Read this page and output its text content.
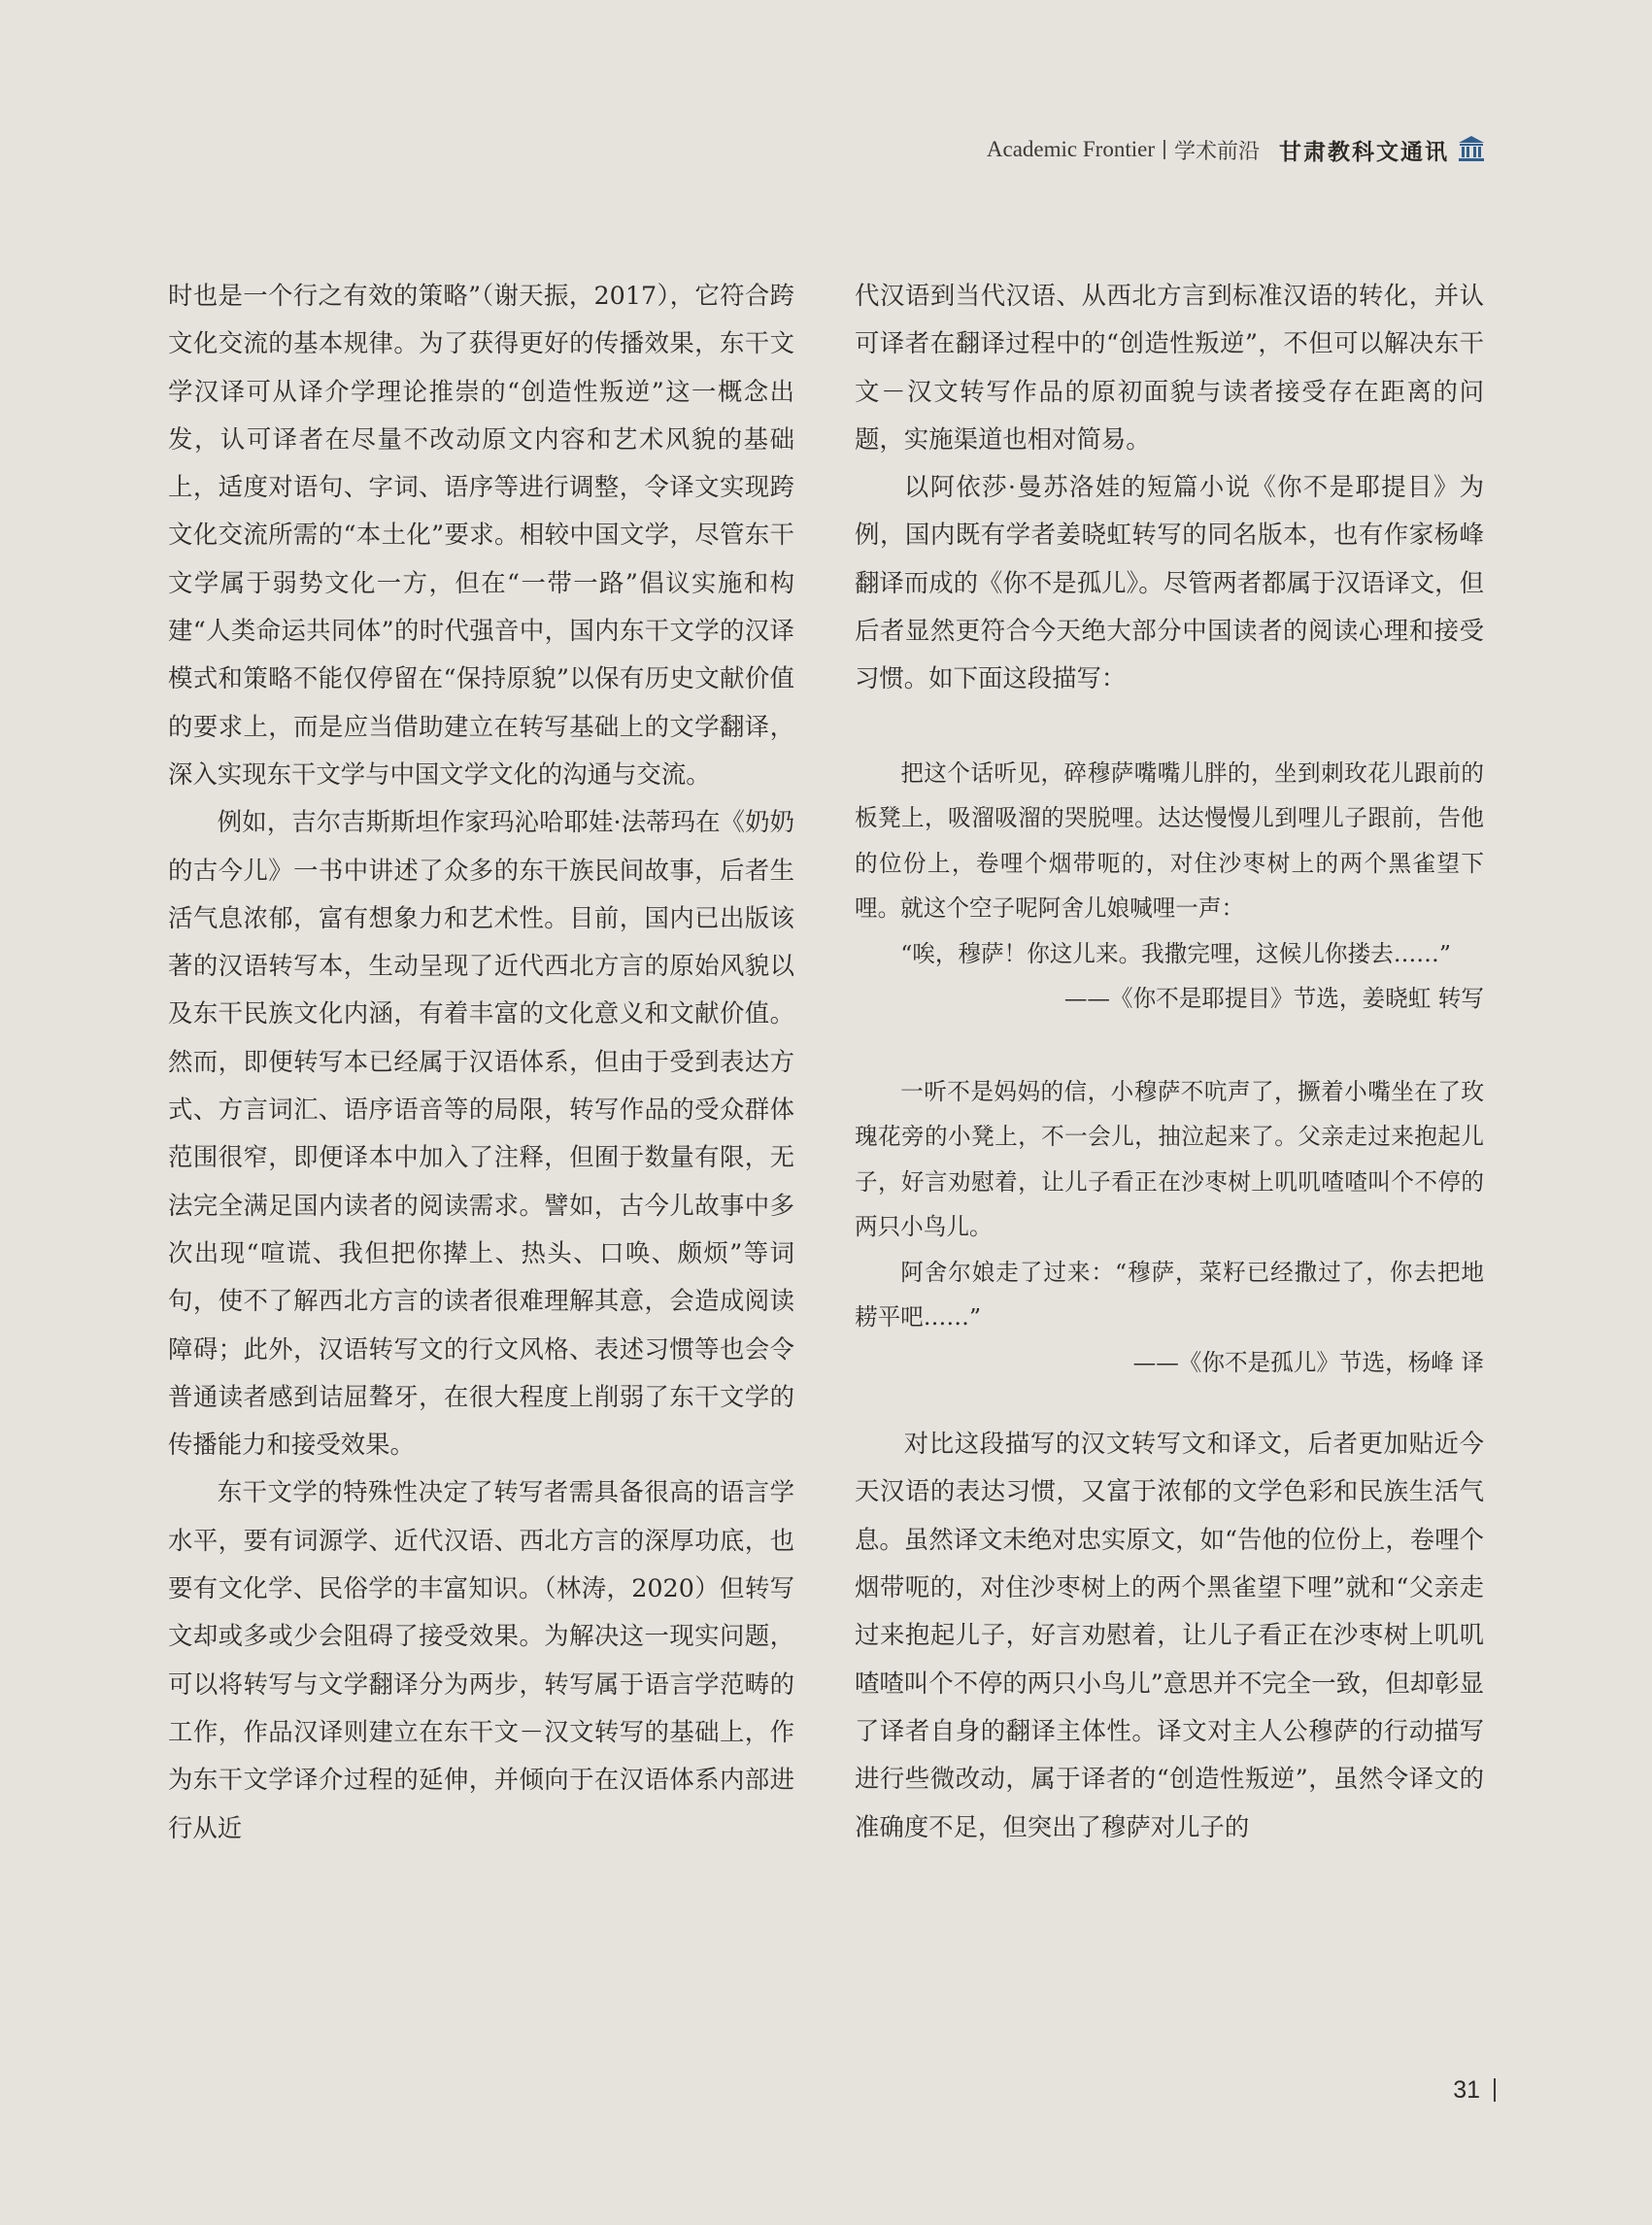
Academic Frontier 学术前沿 甘肃教科文通讯

时也是一个行之有效的策略”（谢天振，2017），它符合跨文化交流的基本规律。为了获得更好的传播效果，东干文学汉译可从译介学理论推崇的“创造性叛逆”这一概念出发，认可译者在尽量不改动原文内容和艺术风貌的基础上，适度对语句、字词、语序等进行调整，令译文实现跨文化交流所需的“本土化”要求。相较中国文学，尽管东干文学属于弱势文化一方，但在“一带一路”倡议实施和构建“人类命运共同体”的时代强音中，国内东干文学的汉译模式和策略不能仅停留在“保持原貌”以保有历史文献价值的要求上，而是应当借助建立在转写基础上的文学翻译，深入实现东干文学与中国文学文化的沟通与交流。

例如，吉尔吉斯斯坦作家玛沁哈耶娃·法蒂玛在《奶奶的古今儿》一书中讲述了众多的东干族民间故事，后者生活气息浓郁，富有想象力和艺术性。目前，国内已出版该著的汉语转写本，生动呈现了近代西北方言的原始风貌以及东干民族文化内涵，有着丰富的文化意义和文献价值。然而，即便转写本已经属于汉语体系，但由于受到表达方式、方言词汇、语序语音等的局限，转写作品的受众群体范围很窄，即便译本中加入了注释，但囿于数量有限，无法完全满足国内读者的阅读需求。譬如，古今儿故事中多次出现“喧谎、我但把你撵上、热头、口唤、颇烦”等词句，使不了解西北方言的读者很难理解其意，会造成阅读障碍；此外，汉语转写文的行文风格、表述习惯等也会令普通读者感到诘屈聱牙，在很大程度上削弱了东干文学的传播能力和接受效果。

东干文学的特殊性决定了转写者需具备很高的语言学水平，要有词源学、近代汉语、西北方言的深厚功底，也要有文化学、民俗学的丰富知识。（林涛，2020）但转写文却或多或少会阻碍了接受效果。为解决这一现实问题，可以将转写与文学翻译分为两步，转写属于语言学范畴的工作，作品汉译则建立在东干文－汉文转写的基础上，作为东干文学译介过程的延伸，并倾向于在汉语体系内部进行从近

代汉语到当代汉语、从西北方言到标准汉语的转化，并认可译者在翻译过程中的“创造性叛逆”，不但可以解决东干文－汉文转写作品的原初面貌与读者接受存在距离的问题，实施渠道也相对简易。

以阿依莎·曼苏洛娃的短篇小说《你不是耶提目》为例，国内既有学者姜晓虹转写的同名版本，也有作家杨峰翻译而成的《你不是孤儿》。尽管两者都属于汉语译文，但后者显然更符合今天绝大部分中国读者的阅读心理和接受习惯。如下面这段描写：

把这个话听见，碎穆萨嘴嘴儿胖的，坐到刺玫花儿跟前的板凳上，吸溜吸溜的哭脱哩。达达慢慢儿到哩儿子跟前，告他的位份上，卷哩个烟带呃的，对住沙枣树上的两个黑雀望下哩。就这个空子呢阿舍儿娘喊哩一声：

“唉，穆萨！你这儿来。我撒完哩，这候儿你搂去……”

——《你不是耶提目》节选，姜晓虹 转写

一听不是妈妈的信，小穆萨不吭声了，撅着小嘴坐在了玫瑰花旁的小凳上，不一会儿，抽泣起来了。父亲走过来抱起儿子，好言劝慰着，让儿子看正在沙枣树上叽叽喳喳叫个不停的两只小鸟儿。

阿舍尔娘走了过来：“穆萨，菜籽已经撒过了，你去把地耢平吧……”

——《你不是孤儿》节选，杨峰 译

对比这段描写的汉文转写文和译文，后者更加贴近今天汉语的表达习惯，又富于浓郁的文学色彩和民族生活气息。虽然译文未绝对忠实原文，如“告他的位份上，卷哩个烟带呃的，对住沙枣树上的两个黑雀望下哩”就和“父亲走过来抱起儿子，好言劝慰着，让儿子看正在沙枣树上叽叽喳喳叫个不停的两只小鸟儿”意思并不完全一致，但却彰显了译者自身的翻译主体性。译文对主人公穆萨的行动描写进行些微改动，属于译者的“创造性叛逆”，虽然令译文的准确度不足，但突出了穆萨对儿子的

31
